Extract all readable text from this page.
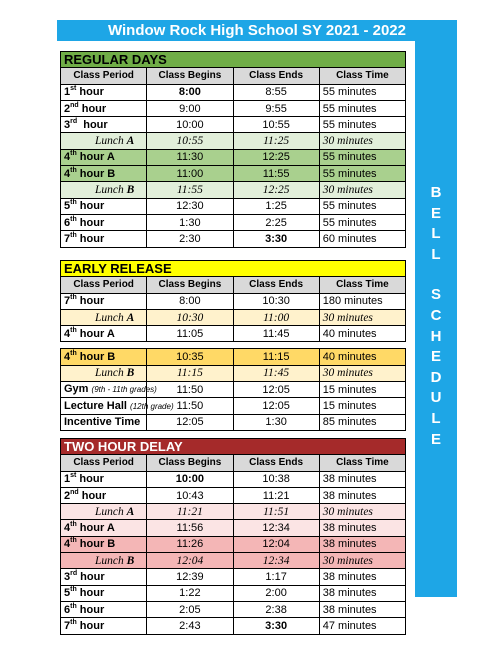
Window Rock High School SY 2021 - 2022
B
E
L
L
S
C
H
E
D
U
L
E
REGULAR DAYS			
Class Period	Class Begins	Class Ends	Class Time
1st hour	8:00	8:55	55 minutes
2nd hour	9:00	9:55	55 minutes
3rd  hour	10:00	10:55	55 minutes
Lunch A	10:55	11:25	30 minutes
4th hour A	11:30	12:25	55 minutes
4th hour B	11:00	11:55	55 minutes
Lunch B	11:55	12:25	30 minutes
5th hour	12:30	1:25	55 minutes
6th hour	1:30	2:25	55 minutes
7th hour	2:30	3:30	60 minutes
EARLY RELEASE			
Class Period	Class Begins	Class Ends	Class Time
7th hour	8:00	10:30	180 minutes
Lunch A	10:30	11:00	30 minutes
4th hour A	11:05	11:45	40 minutes

4th hour B	10:35	11:15	40 minutes
Lunch B	11:15	11:45	30 minutes
Gym (9th - 11th grades)	11:50	12:05	15 minutes
Lecture Hall (12th grade)	11:50	12:05	15 minutes
Incentive Time	12:05	1:30	85 minutes
TWO HOUR DELAY			
Class Period	Class Begins	Class Ends	Class Time
1st hour	10:00	10:38	38 minutes
2nd hour	10:43	11:21	38 minutes
Lunch A	11:21	11:51	30 minutes
4th hour A	11:56	12:34	38 minutes
4th hour B	11:26	12:04	38 minutes
Lunch B	12:04	12:34	30 minutes
3rd hour	12:39	1:17	38 minutes
5th hour	1:22	2:00	38 minutes
6th hour	2:05	2:38	38 minutes
7th hour	2:43	3:30	47 minutes
